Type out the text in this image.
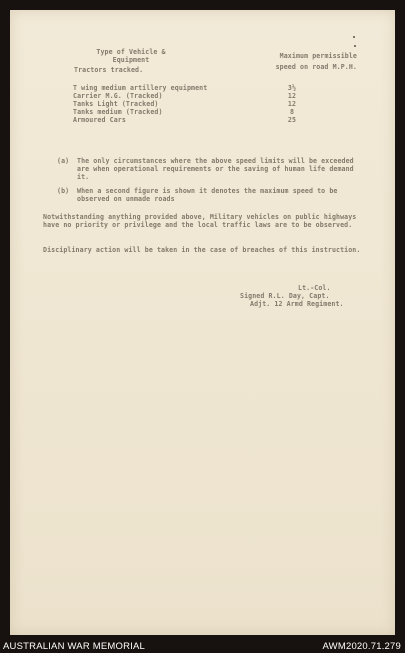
Type of Vehicle &
Equipment	Maximum permissible
speed on road M.P.H.
Tractors tracked.
T wing medium artillery equipment	3½
Carrier M.G. (Tracked)	12
Tanks Light (Tracked)	12
Tanks medium (Tracked)	8
Armoured Cars	25
(a) The only circumstances where the above speed limits will be exceeded are when operational requirements or the saving of human life demand it.
(b) When a second figure is shown it denotes the maximum speed to be observed on unmade roads
Notwithstanding anything provided above, Military vehicles on public highways have no priority or privilege and the local traffic laws are to be observed.
Disciplinary action will be taken in the case of breaches of this instruction.
Lt.-Col.
Signed R.L. Day, Capt.
Adjt. 12 Armd Regiment.
AUSTRALIAN WAR MEMORIAL	AWM2020.71.279
